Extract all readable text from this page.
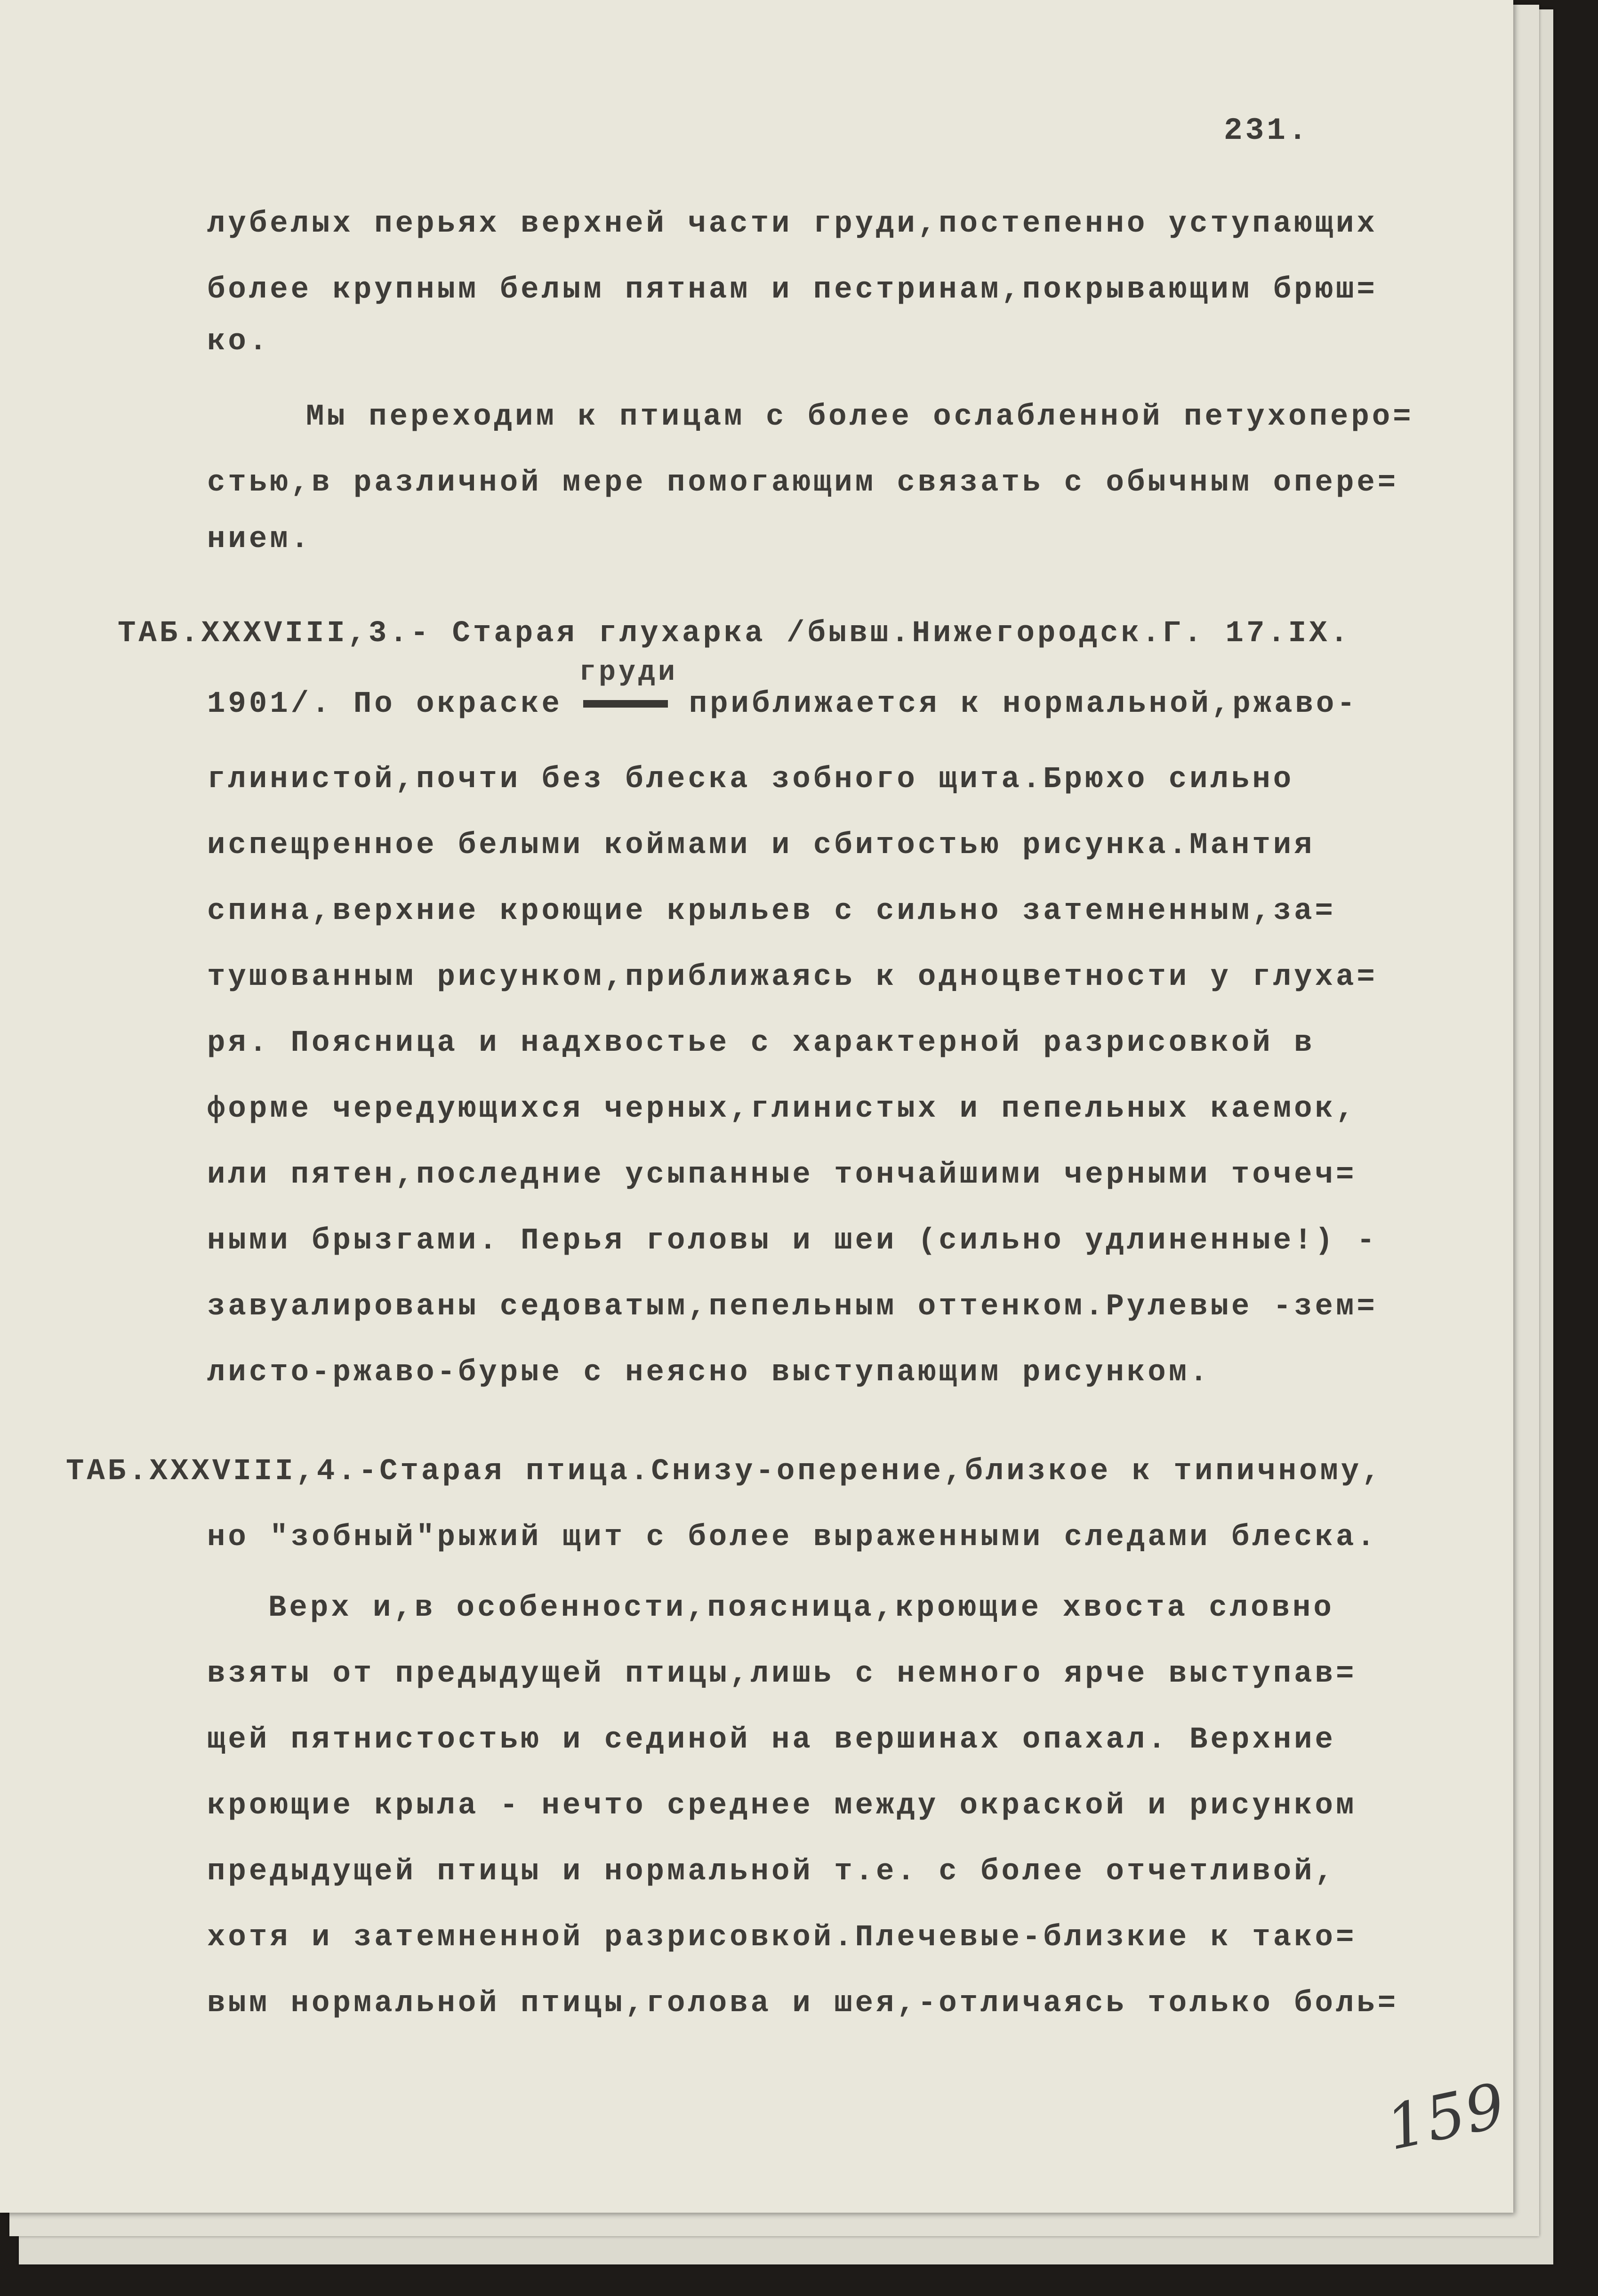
231.
лубелых перьях верхней части груди,постепенно уступающих
более крупным белым пятнам и пестринам,покрывающим брюш=
ко.
Мы переходим к птицам с более ослабленной петухоперо=
стью,в различной мере помогающим связать с обычным опере=
нием.
ТАБ.XXXVIII,3.- Старая глухарка /бывш.Нижегородск.Г. 17.IX.
груди
1901/. По окраске	приближается к нормальной,ржаво-
глинистой,почти без блеска зобного щита.Брюхо сильно
испещренное белыми коймами и сбитостью рисунка.Мантия
спина,верхние кроющие крыльев с сильно затемненным,за=
тушованным рисунком,приближаясь к одноцветности у глуха=
ря. Поясница и надхвостье с характерной разрисовкой в
форме чередующихся черных,глинистых и пепельных каемок,
или пятен,последние усыпанные тончайшими черными точеч=
ными брызгами. Перья головы и шеи (сильно удлиненные!) -
завуалированы седоватым,пепельным оттенком.Рулевые -зем=
листо-ржаво-бурые с неясно выступающим рисунком.
ТАБ.XXXVIII,4.-Старая птица.Снизу-оперение,близкое к типичному,
но "зобный"рыжий щит с более выраженными следами блеска.
Верх и,в особенности,поясница,кроющие хвоста словно
взяты от предыдущей птицы,лишь с немного ярче выступав=
щей пятнистостью и сединой на вершинах опахал. Верхние
кроющие крыла - нечто среднее между окраской и рисунком
предыдущей птицы и нормальной т.е. с более отчетливой,
хотя и затемненной разрисовкой.Плечевые-близкие к тако=
вым нормальной птицы,голова и шея,-отличаясь только боль=
159
